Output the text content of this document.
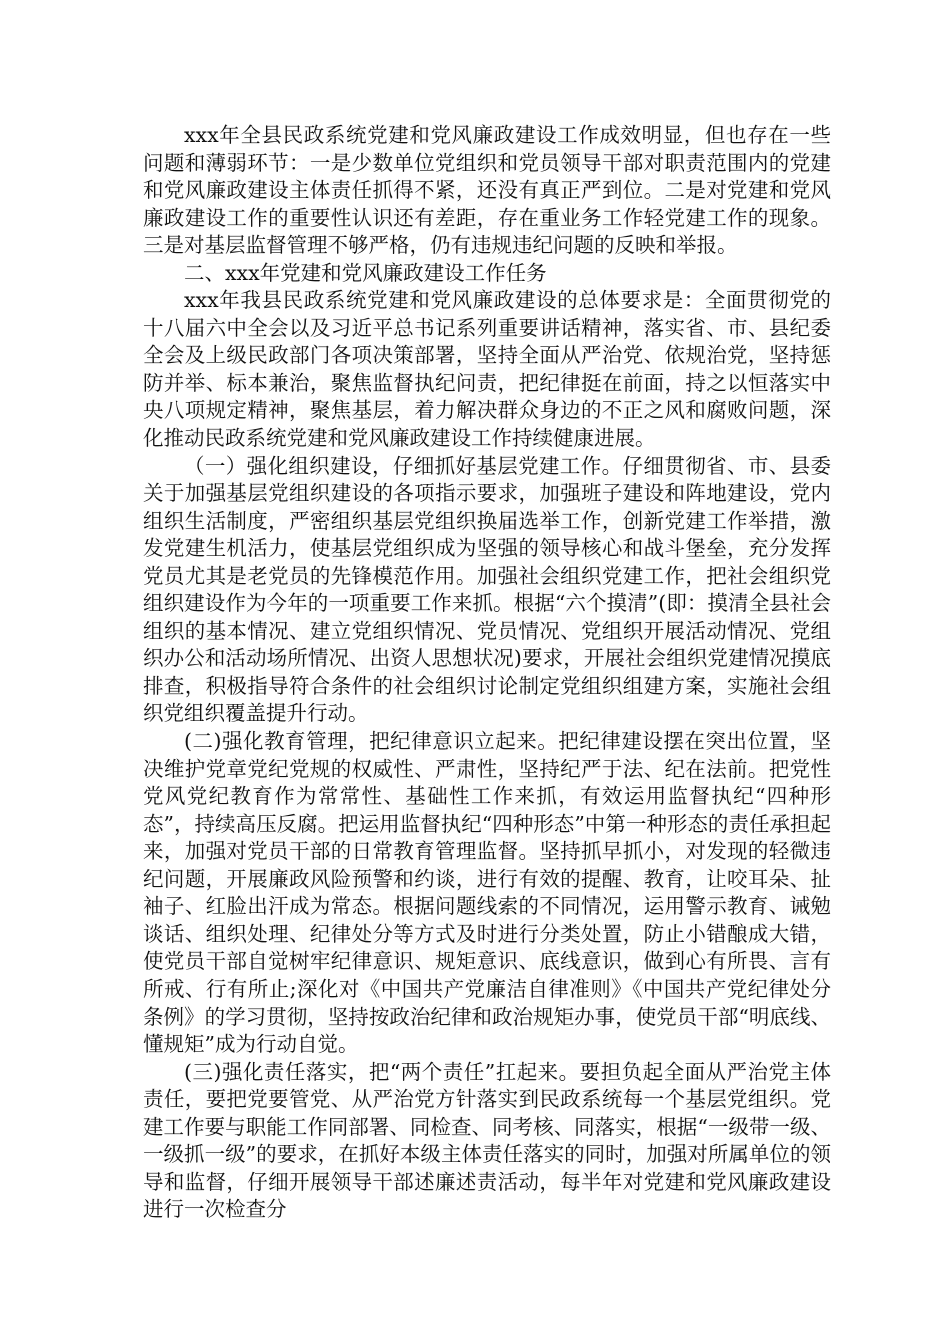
xxx年全县民政系统党建和党风廉政建设工作成效明显，但也存在一些问题和薄弱环节：一是少数单位党组织和党员领导干部对职责范围内的党建和党风廉政建设主体责任抓得不紧，还没有真正严到位。二是对党建和党风廉政建设工作的重要性认识还有差距，存在重业务工作轻党建工作的现象。三是对基层监督管理不够严格，仍有违规违纪问题的反映和举报。

二、xxx年党建和党风廉政建设工作任务

xxx年我县民政系统党建和党风廉政建设的总体要求是：全面贯彻党的十八届六中全会以及习近平总书记系列重要讲话精神，落实省、市、县纪委全会及上级民政部门各项决策部署，坚持全面从严治党、依规治党，坚持惩防并举、标本兼治，聚焦监督执纪问责，把纪律挺在前面，持之以恒落实中央八项规定精神，聚焦基层，着力解决群众身边的不正之风和腐败问题，深化推动民政系统党建和党风廉政建设工作持续健康进展。

（一）强化组织建设，仔细抓好基层党建工作。仔细贯彻省、市、县委关于加强基层党组织建设的各项指示要求，加强班子建设和阵地建设，党内组织生活制度，严密组织基层党组织换届选举工作，创新党建工作举措，激发党建生机活力，使基层党组织成为坚强的领导核心和战斗堡垒，充分发挥党员尤其是老党员的先锋模范作用。加强社会组织党建工作，把社会组织党组织建设作为今年的一项重要工作来抓。根据“六个摸清”(即：摸清全县社会组织的基本情况、建立党组织情况、党员情况、党组织开展活动情况、党组织办公和活动场所情况、出资人思想状况)要求，开展社会组织党建情况摸底排查，积极指导符合条件的社会组织讨论制定党组织组建方案，实施社会组织党组织覆盖提升行动。

(二)强化教育管理，把纪律意识立起来。把纪律建设摆在突出位置，坚决维护党章党纪党规的权威性、严肃性，坚持纪严于法、纪在法前。把党性党风党纪教育作为常常性、基础性工作来抓，有效运用监督执纪“四种形态”，持续高压反腐。把运用监督执纪“四种形态”中第一种形态的责任承担起来，加强对党员干部的日常教育管理监督。坚持抓早抓小，对发现的轻微违纪问题，开展廉政风险预警和约谈，进行有效的提醒、教育，让咬耳朵、扯袖子、红脸出汗成为常态。根据问题线索的不同情况，运用警示教育、诫勉谈话、组织处理、纪律处分等方式及时进行分类处置，防止小错酿成大错，使党员干部自觉树牢纪律意识、规矩意识、底线意识，做到心有所畏、言有所戒、行有所止;深化对《中国共产党廉洁自律准则》《中国共产党纪律处分条例》的学习贯彻，坚持按政治纪律和政治规矩办事，使党员干部“明底线、懂规矩”成为行动自觉。

(三)强化责任落实，把“两个责任”扛起来。要担负起全面从严治党主体责任，要把党要管党、从严治党方针落实到民政系统每一个基层党组织。党建工作要与职能工作同部署、同检查、同考核、同落实，根据“一级带一级、一级抓一级”的要求，在抓好本级主体责任落实的同时，加强对所属单位的领导和监督，仔细开展领导干部述廉述责活动，每半年对党建和党风廉政建设进行一次检查分
